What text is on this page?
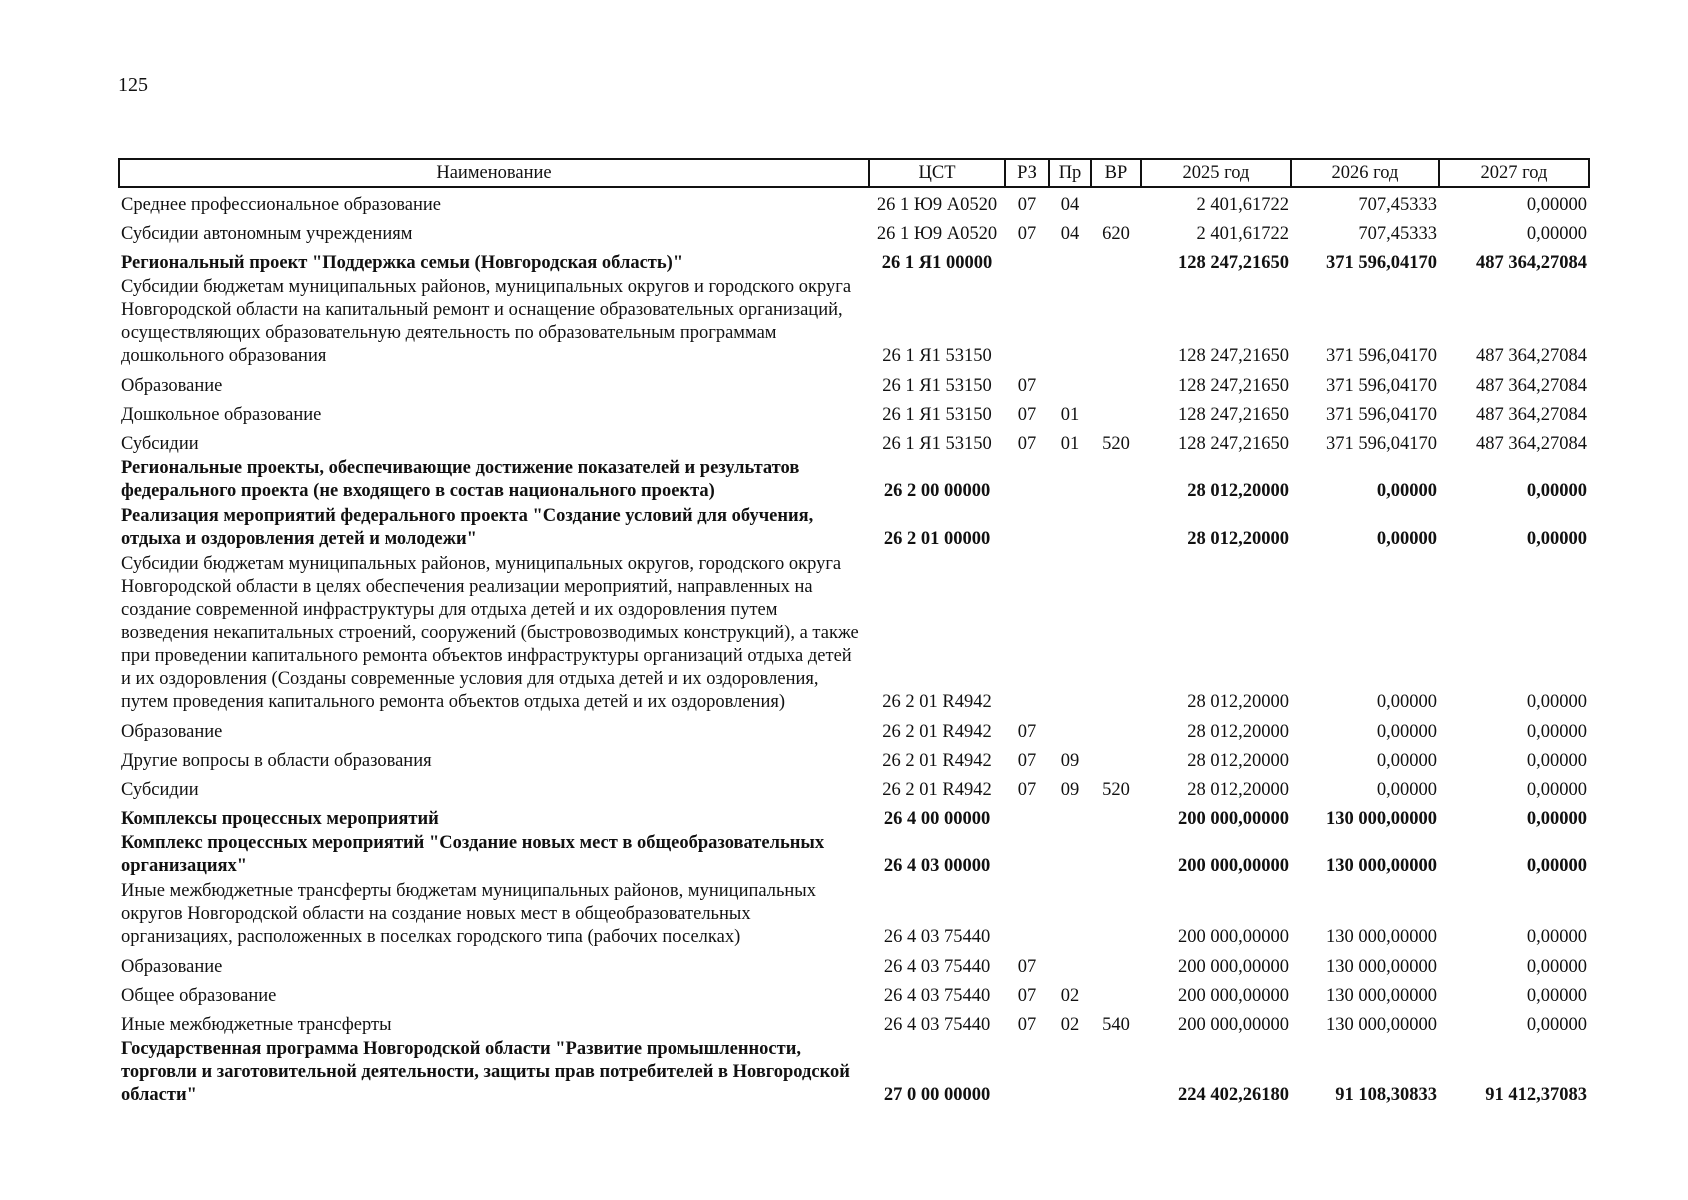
125
Наименование	ЦСТ	РЗ	Пр	ВР	2025 год	2026 год	2027 год
Среднее профессиональное образование	26 1 Ю9 А0520	07	04		2 401,61722	707,45333	0,00000
Субсидии автономным учреждениям	26 1 Ю9 А0520	07	04	620	2 401,61722	707,45333	0,00000
Региональный проект "Поддержка семьи (Новгородская область)"	26 1 Я1 00000				128 247,21650	371 596,04170	487 364,27084
Субсидии бюджетам муниципальных районов, муниципальных округов и городского округа Новгородской области на капитальный ремонт и оснащение образовательных организаций, осуществляющих образовательную деятельность по образовательным программам дошкольного образования	26 1 Я1 53150				128 247,21650	371 596,04170	487 364,27084
Образование	26 1 Я1 53150	07			128 247,21650	371 596,04170	487 364,27084
Дошкольное образование	26 1 Я1 53150	07	01		128 247,21650	371 596,04170	487 364,27084
Субсидии	26 1 Я1 53150	07	01	520	128 247,21650	371 596,04170	487 364,27084
Региональные проекты, обеспечивающие достижение показателей и результатов федерального проекта (не входящего в состав национального проекта)	26 2 00 00000				28 012,20000	0,00000	0,00000
Реализация мероприятий федерального проекта "Создание условий для обучения, отдыха и оздоровления детей и молодежи"	26 2 01 00000				28 012,20000	0,00000	0,00000
Субсидии бюджетам муниципальных районов, муниципальных округов, городского округа Новгородской области в целях обеспечения реализации мероприятий, направленных на создание современной инфраструктуры для отдыха детей и их оздоровления путем возведения некапитальных строений, сооружений (быстровозводимых конструкций), а также при проведении капитального ремонта объектов инфраструктуры организаций отдыха детей и их оздоровления (Созданы современные условия для отдыха детей и их оздоровления, путем проведения капитального ремонта объектов отдыха детей и их оздоровления)	26 2 01 R4942				28 012,20000	0,00000	0,00000
Образование	26 2 01 R4942	07			28 012,20000	0,00000	0,00000
Другие вопросы в области образования	26 2 01 R4942	07	09		28 012,20000	0,00000	0,00000
Субсидии	26 2 01 R4942	07	09	520	28 012,20000	0,00000	0,00000
Комплексы процессных мероприятий	26 4 00 00000				200 000,00000	130 000,00000	0,00000
Комплекс процессных мероприятий "Создание новых мест в общеобразовательных организациях"	26 4 03 00000				200 000,00000	130 000,00000	0,00000
Иные межбюджетные трансферты бюджетам муниципальных районов, муниципальных округов Новгородской области на создание новых мест в общеобразовательных организациях, расположенных в поселках городского типа (рабочих поселках)	26 4 03 75440				200 000,00000	130 000,00000	0,00000
Образование	26 4 03 75440	07			200 000,00000	130 000,00000	0,00000
Общее образование	26 4 03 75440	07	02		200 000,00000	130 000,00000	0,00000
Иные межбюджетные трансферты	26 4 03 75440	07	02	540	200 000,00000	130 000,00000	0,00000
Государственная программа Новгородской области "Развитие промышленности, торговли и заготовительной деятельности, защиты прав потребителей в Новгородской области"	27 0 00 00000				224 402,26180	91 108,30833	91 412,37083
